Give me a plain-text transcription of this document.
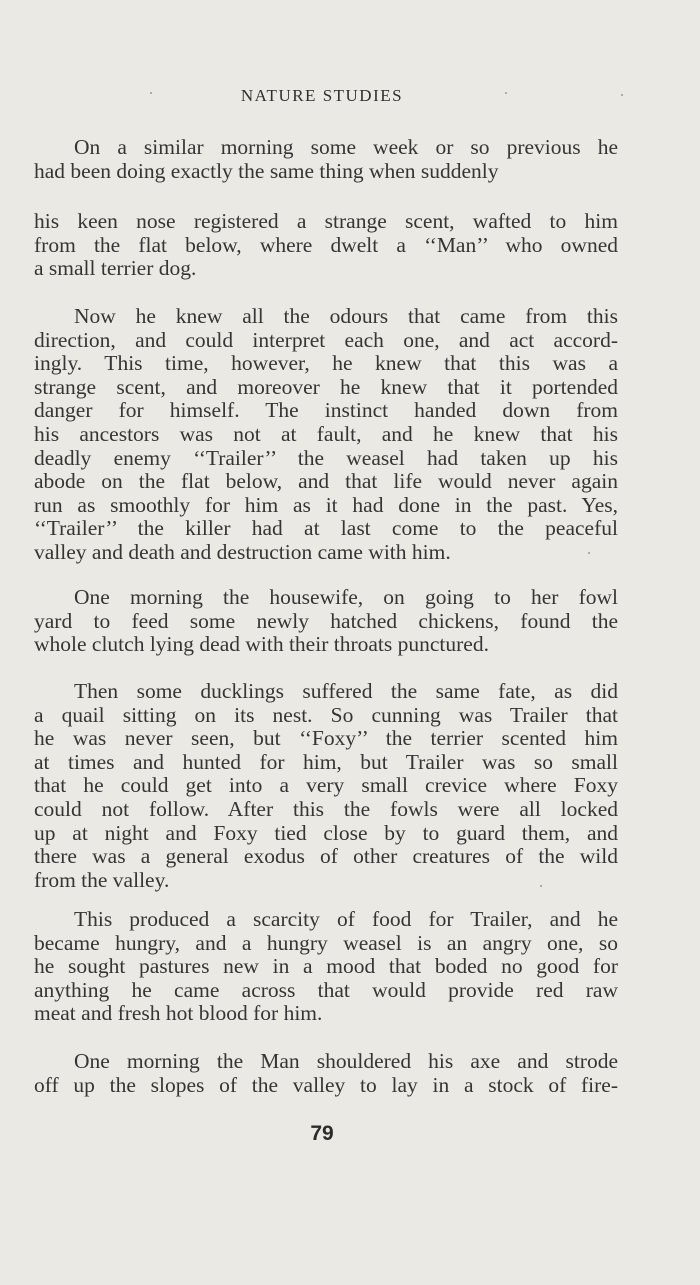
NATURE STUDIES
On a similar morning some week or so previous he
had been doing exactly the same thing when suddenly
his keen nose registered a strange scent, wafted to him
from the flat below, where dwelt a ‘‘Man’’ who owned
a small terrier dog.
Now he knew all the odours that came from this
direction, and could interpret each one, and act accord-
ingly. This time, however, he knew that this was a
strange scent, and moreover he knew that it portended
danger for himself. The instinct handed down from
his ancestors was not at fault, and he knew that his
deadly enemy ‘‘Trailer’’ the weasel had taken up his
abode on the flat below, and that life would never again
run as smoothly for him as it had done in the past. Yes,
‘‘Trailer’’ the killer had at last come to the peaceful
valley and death and destruction came with him.
One morning the housewife, on going to her fowl
yard to feed some newly hatched chickens, found the
whole clutch lying dead with their throats punctured.
Then some ducklings suffered the same fate, as did
a quail sitting on its nest. So cunning was Trailer that
he was never seen, but ‘‘Foxy’’ the terrier scented him
at times and hunted for him, but Trailer was so small
that he could get into a very small crevice where Foxy
could not follow. After this the fowls were all locked
up at night and Foxy tied close by to guard them, and
there was a general exodus of other creatures of the wild
from the valley.
This produced a scarcity of food for Trailer, and he
became hungry, and a hungry weasel is an angry one, so
he sought pastures new in a mood that boded no good for
anything he came across that would provide red raw
meat and fresh hot blood for him.
One morning the Man shouldered his axe and strode
off up the slopes of the valley to lay in a stock of fire-
79
